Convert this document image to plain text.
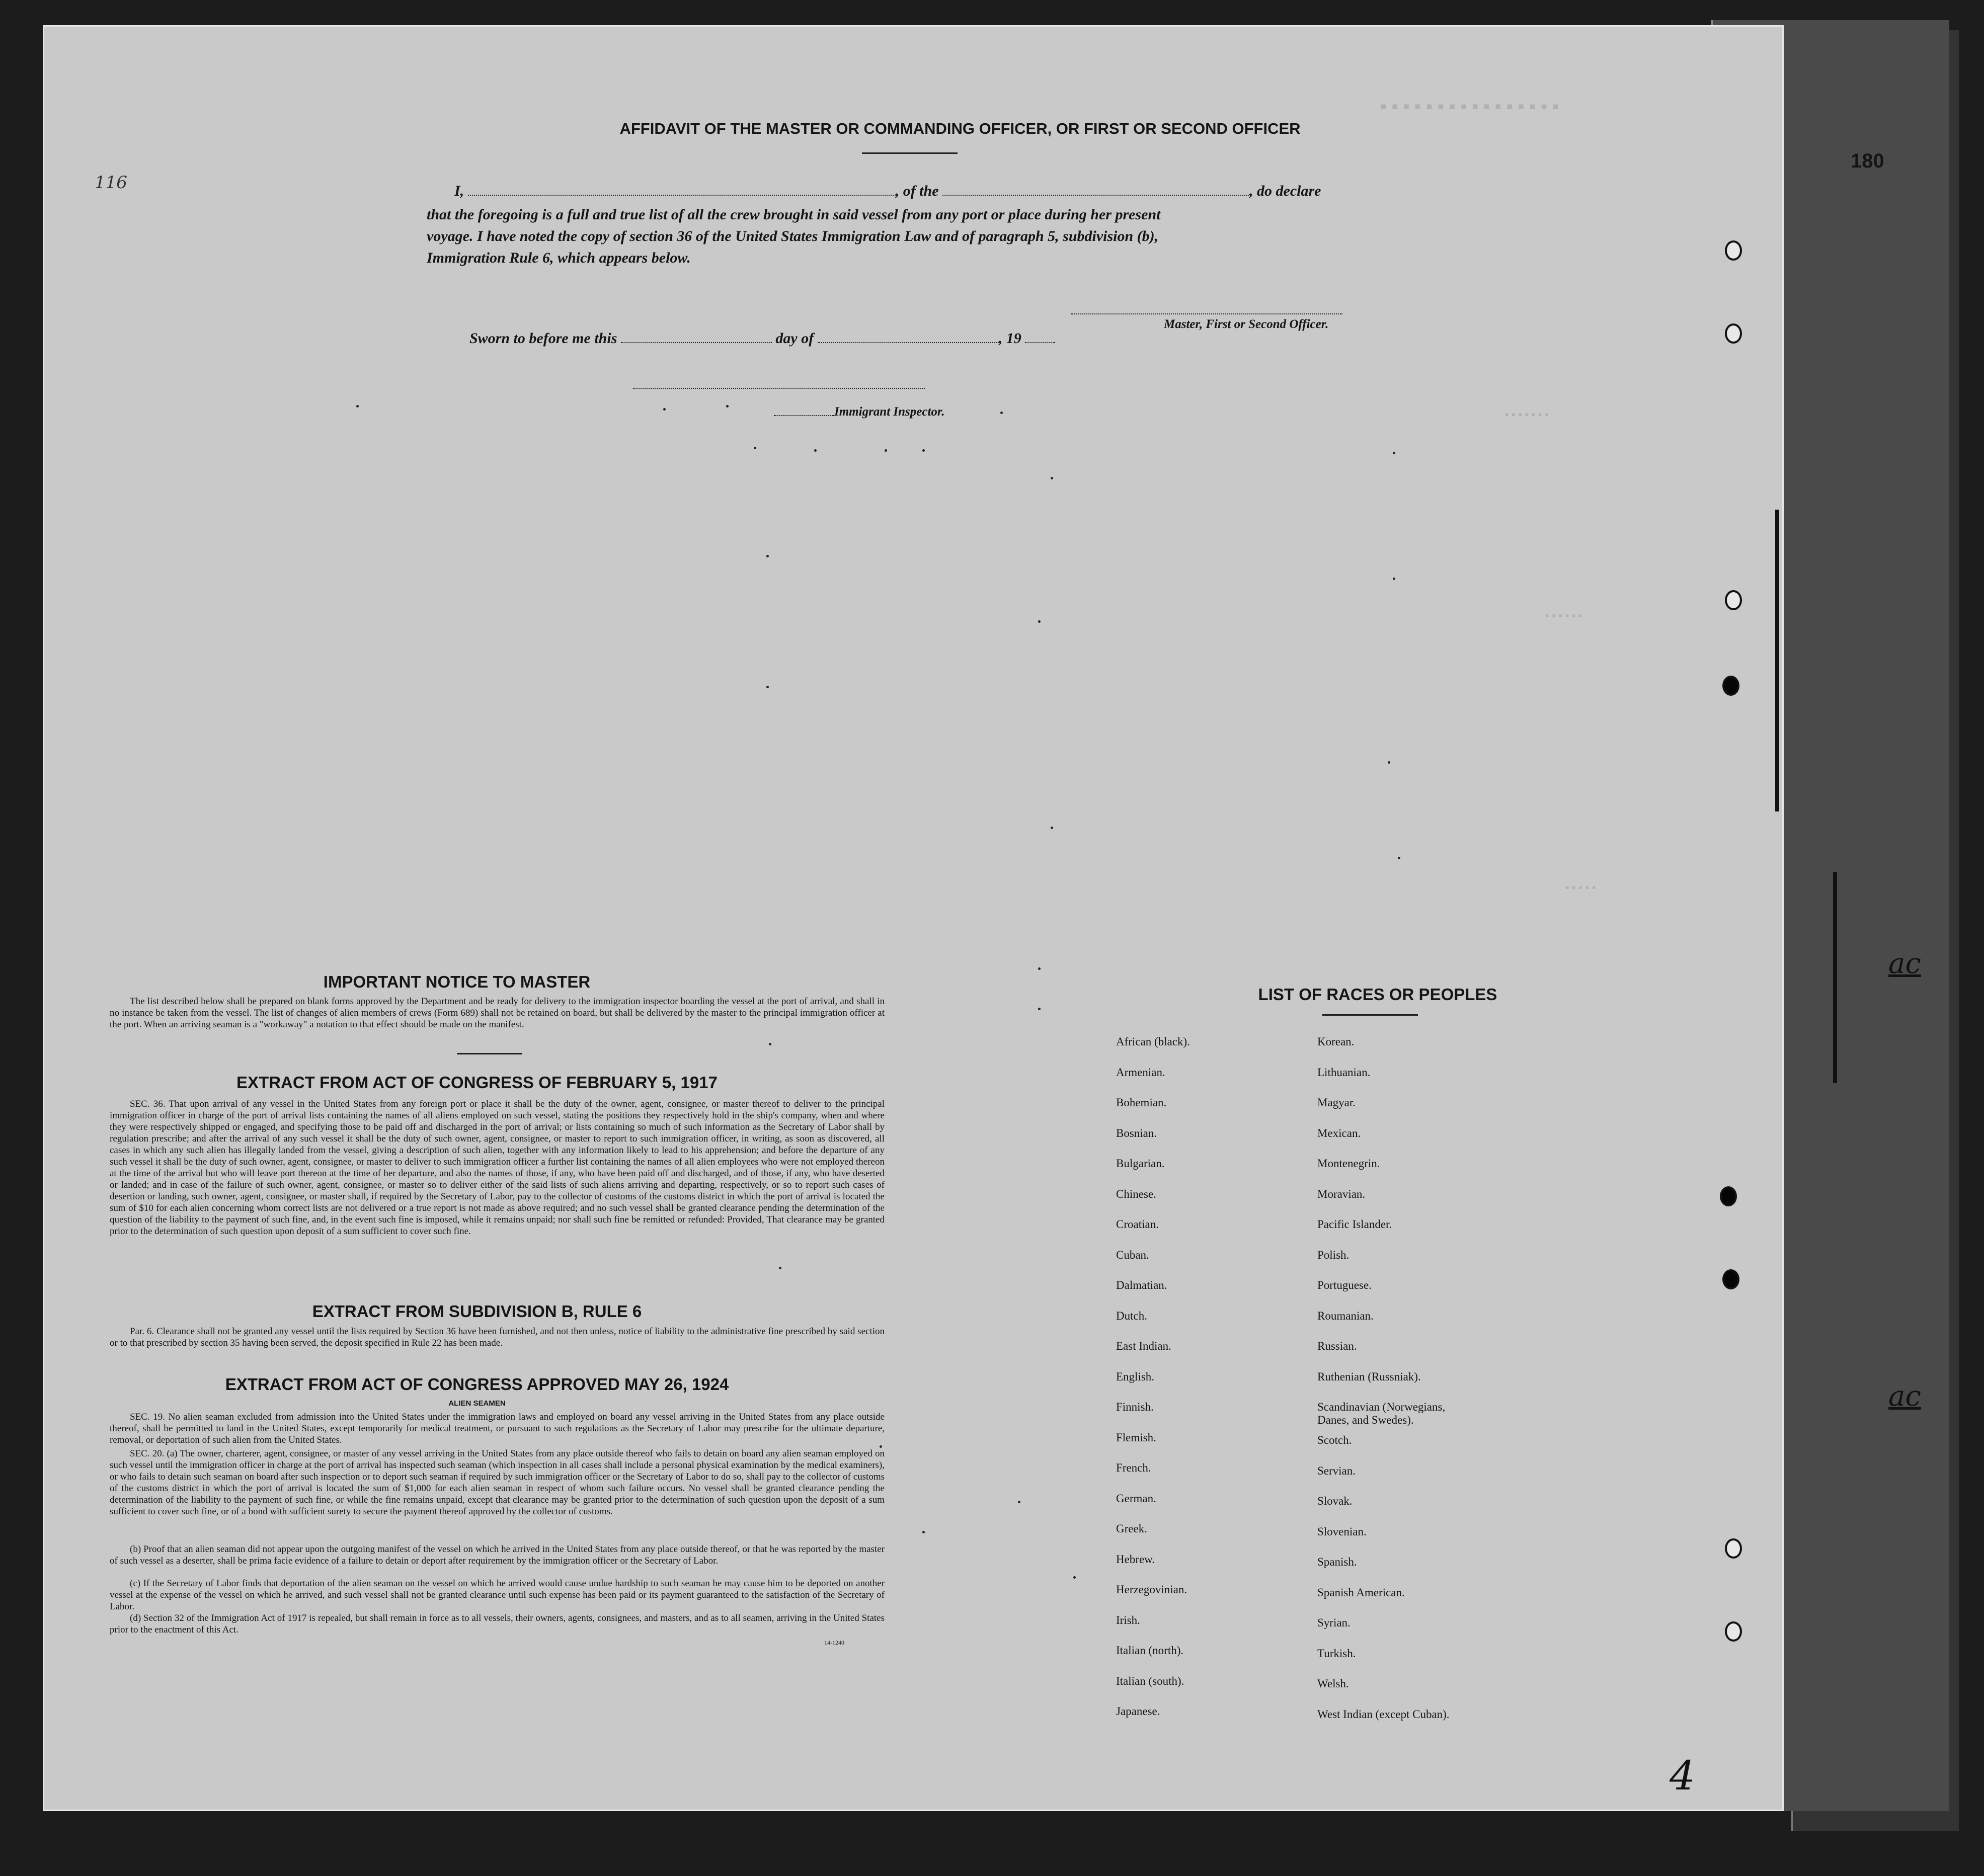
▪▪▪▪▪▪▪▪▪▪▪▪▪▪▪▪
▪▪▪▪▪▪▪
▪▪▪▪▪▪
▪▪▪▪▪
180
116
AFFIDAVIT OF THE MASTER OR COMMANDING OFFICER, OR FIRST OR SECOND OFFICER
I,	, of the	, do declare
that the foregoing is a full and true list of all the crew brought in said vessel from any port or place during her present
voyage. I have noted the copy of section 36 of the United States Immigration Law and of paragraph 5, subdivision (b),
Immigration Rule 6, which appears below.
Master, First or Second Officer.
Sworn to before me this	day of	, 19
Immigrant Inspector.
IMPORTANT NOTICE TO MASTER
The list described below shall be prepared on blank forms approved by the Department and be ready for delivery to the immigration inspector boarding the vessel at the port of arrival, and shall in no instance be taken from the vessel. The list of changes of alien members of crews (Form 689) shall not be retained on board, but shall be delivered by the master to the principal immigration officer at the port. When an arriving seaman is a "workaway" a notation to that effect should be made on the manifest.
EXTRACT FROM ACT OF CONGRESS OF FEBRUARY 5, 1917
SEC. 36. That upon arrival of any vessel in the United States from any foreign port or place it shall be the duty of the owner, agent, consignee, or master thereof to deliver to the principal immigration officer in charge of the port of arrival lists containing the names of all aliens employed on such vessel, stating the positions they respectively hold in the ship's company, when and where they were respectively shipped or engaged, and specifying those to be paid off and discharged in the port of arrival; or lists containing so much of such information as the Secretary of Labor shall by regulation prescribe; and after the arrival of any such vessel it shall be the duty of such owner, agent, consignee, or master to report to such immigration officer, in writing, as soon as discovered, all cases in which any such alien has illegally landed from the vessel, giving a description of such alien, together with any information likely to lead to his apprehension; and before the departure of any such vessel it shall be the duty of such owner, agent, consignee, or master to deliver to such immigration officer a further list containing the names of all alien employees who were not employed thereon at the time of the arrival but who will leave port thereon at the time of her departure, and also the names of those, if any, who have been paid off and discharged, and of those, if any, who have deserted or landed; and in case of the failure of such owner, agent, consignee, or master so to deliver either of the said lists of such aliens arriving and departing, respectively, or so to report such cases of desertion or landing, such owner, agent, consignee, or master shall, if required by the Secretary of Labor, pay to the collector of customs of the customs district in which the port of arrival is located the sum of $10 for each alien concerning whom correct lists are not delivered or a true report is not made as above required; and no such vessel shall be granted clearance pending the determination of the question of the liability to the payment of such fine, and, in the event such fine is imposed, while it remains unpaid; nor shall such fine be remitted or refunded: Provided, That clearance may be granted prior to the determination of such question upon deposit of a sum sufficient to cover such fine.
EXTRACT FROM SUBDIVISION B, RULE 6
Par. 6. Clearance shall not be granted any vessel until the lists required by Section 36 have been furnished, and not then unless, notice of liability to the administrative fine prescribed by said section or to that prescribed by section 35 having been served, the deposit specified in Rule 22 has been made.
EXTRACT FROM ACT OF CONGRESS APPROVED MAY 26, 1924
ALIEN SEAMEN
SEC. 19. No alien seaman excluded from admission into the United States under the immigration laws and employed on board any vessel arriving in the United States from any place outside thereof, shall be permitted to land in the United States, except temporarily for medical treatment, or pursuant to such regulations as the Secretary of Labor may prescribe for the ultimate departure, removal, or deportation of such alien from the United States.
SEC. 20. (a) The owner, charterer, agent, consignee, or master of any vessel arriving in the United States from any place outside thereof who fails to detain on board any alien seaman employed on such vessel until the immigration officer in charge at the port of arrival has inspected such seaman (which inspection in all cases shall include a personal physical examination by the medical examiners), or who fails to detain such seaman on board after such inspection or to deport such seaman if required by such immigration officer or the Secretary of Labor to do so, shall pay to the collector of customs of the customs district in which the port of arrival is located the sum of $1,000 for each alien seaman in respect of whom such failure occurs. No vessel shall be granted clearance pending the determination of the liability to the payment of such fine, or while the fine remains unpaid, except that clearance may be granted prior to the determination of such question upon the deposit of a sum sufficient to cover such fine, or of a bond with sufficient surety to secure the payment thereof approved by the collector of customs.
(b) Proof that an alien seaman did not appear upon the outgoing manifest of the vessel on which he arrived in the United States from any place outside thereof, or that he was reported by the master of such vessel as a deserter, shall be prima facie evidence of a failure to detain or deport after requirement by the immigration officer or the Secretary of Labor.
(c) If the Secretary of Labor finds that deportation of the alien seaman on the vessel on which he arrived would cause undue hardship to such seaman he may cause him to be deported on another vessel at the expense of the vessel on which he arrived, and such vessel shall not be granted clearance until such expense has been paid or its payment guaranteed to the satisfaction of the Secretary of Labor.
(d) Section 32 of the Immigration Act of 1917 is repealed, but shall remain in force as to all vessels, their owners, agents, consignees, and masters, and as to all seamen, arriving in the United States prior to the enactment of this Act.
14-1240
LIST OF RACES OR PEOPLES
African (black).
Armenian.
Bohemian.
Bosnian.
Bulgarian.
Chinese.
Croatian.
Cuban.
Dalmatian.
Dutch.
East Indian.
English.
Finnish.
Flemish.
French.
German.
Greek.
Hebrew.
Herzegovinian.
Irish.
Italian (north).
Italian (south).
Japanese.
Korean.
Lithuanian.
Magyar.
Mexican.
Montenegrin.
Moravian.
Pacific Islander.
Polish.
Portuguese.
Roumanian.
Russian.
Ruthenian (Russniak).
Scandinavian (Norwegians, Danes, and Swedes).
Scotch.
Servian.
Slovak.
Slovenian.
Spanish.
Spanish American.
Syrian.
Turkish.
Welsh.
West Indian (except Cuban).
ac
ac
4
